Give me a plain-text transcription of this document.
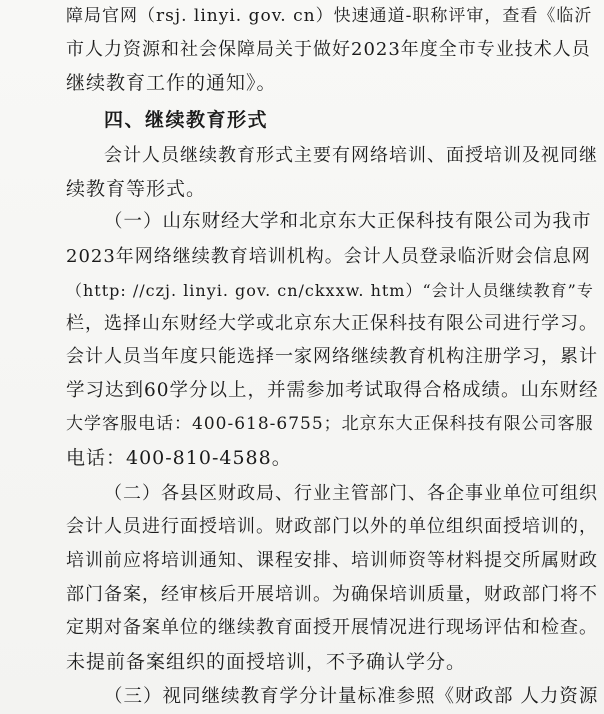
障局官网（rsj. linyi. gov. cn）快速通道-职称评审，查看《临沂
市人力资源和社会保障局关于做好2023年度全市专业技术人员
继续教育工作的通知》。
四、继续教育形式
会计人员继续教育形式主要有网络培训、面授培训及视同继
续教育等形式。
（一）山东财经大学和北京东大正保科技有限公司为我市
2023年网络继续教育培训机构。会计人员登录临沂财会信息网
（http: //czj. linyi. gov. cn/ckxxw. htm）“会计人员继续教育”专
栏，选择山东财经大学或北京东大正保科技有限公司进行学习。
会计人员当年度只能选择一家网络继续教育机构注册学习，累计
学习达到60学分以上，并需参加考试取得合格成绩。山东财经
大学客服电话：400-618-6755；北京东大正保科技有限公司客服
电话：400-810-4588。
（二）各县区财政局、行业主管部门、各企事业单位可组织
会计人员进行面授培训。财政部门以外的单位组织面授培训的，
培训前应将培训通知、课程安排、培训师资等材料提交所属财政
部门备案，经审核后开展培训。为确保培训质量，财政部门将不
定期对备案单位的继续教育面授开展情况进行现场评估和检查。
未提前备案组织的面授培训，不予确认学分。
（三）视同继续教育学分计量标准参照《财政部 人力资源
